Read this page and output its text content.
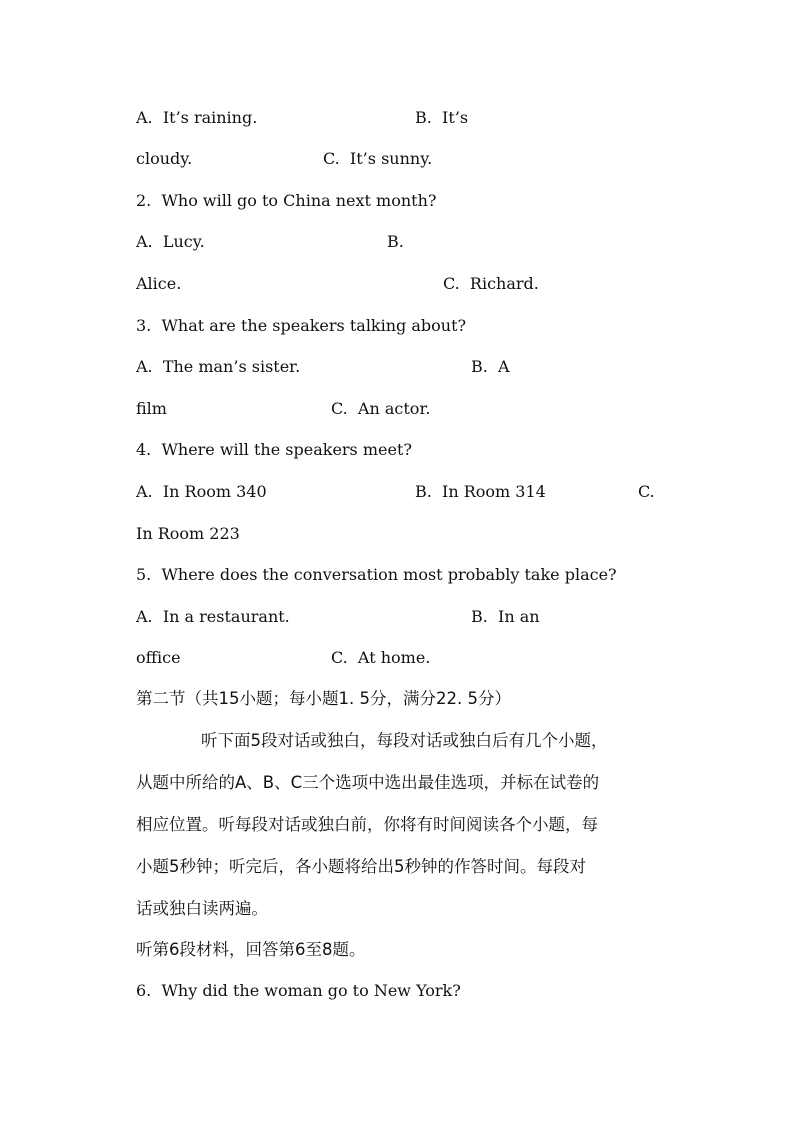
A.  It’s raining.	B.  It’s
cloudy.	C.  It’s sunny.
2.  Who will go to China next month?
A.  Lucy.	B.
Alice.	C.  Richard.
3.  What are the speakers talking about?
A.  The man’s sister.	B.  A
film	C.  An actor.
4.  Where will the speakers meet?
A.  In Room 340	B.  In Room 314	C.
In Room 223
5.  Where does the conversation most probably take place?
A.  In a restaurant.	B.  In an
office	C.  At home.
第二节（共15小题；每小题1. 5分，满分22. 5分）
听下面5段对话或独白，每段对话或独白后有几个小题，
从题中所给的A、B、C三个选项中选出最佳选项，并标在试卷的
相应位置。听每段对话或独白前，你将有时间阅读各个小题，每
小题5秒钟；听完后，各小题将给出5秒钟的作答时间。每段对
话或独白读两遍。
听第6段材料，回答第6至8题。
6.  Why did the woman go to New York?
